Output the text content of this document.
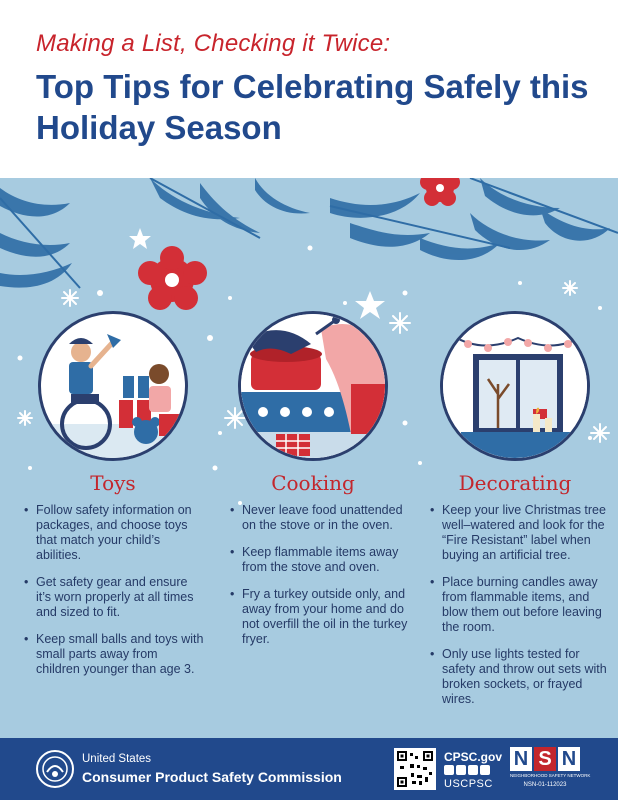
Making a List, Checking it Twice:
Top Tips for Celebrating Safely this Holiday Season
Toys	Cooking	Decorating
• Follow safety information on packages, and choose toys that match your child’s abilities.
• Get safety gear and ensure it’s worn properly at all times and sized to fit.
• Keep small balls and toys with small parts away from children younger than age 3.
• Never leave food unattended on the stove or in the oven.
• Keep flammable items away from the stove and oven.
• Fry a turkey outside only, and away from your home and do not overfill the oil in the turkey fryer.
• Keep your live Christmas tree well–watered and look for the “Fire Resistant” label when buying an artificial tree.
• Place burning candles away from flammable items, and blow them out before leaving the room.
• Only use lights tested for safety and throw out sets with broken sockets, or frayed wires.
United States
Consumer Product Safety Commission
CPSC.gov
USCPSC
N S N
NEIGHBORHOOD SAFETY NETWORK
NSN-01-112023
